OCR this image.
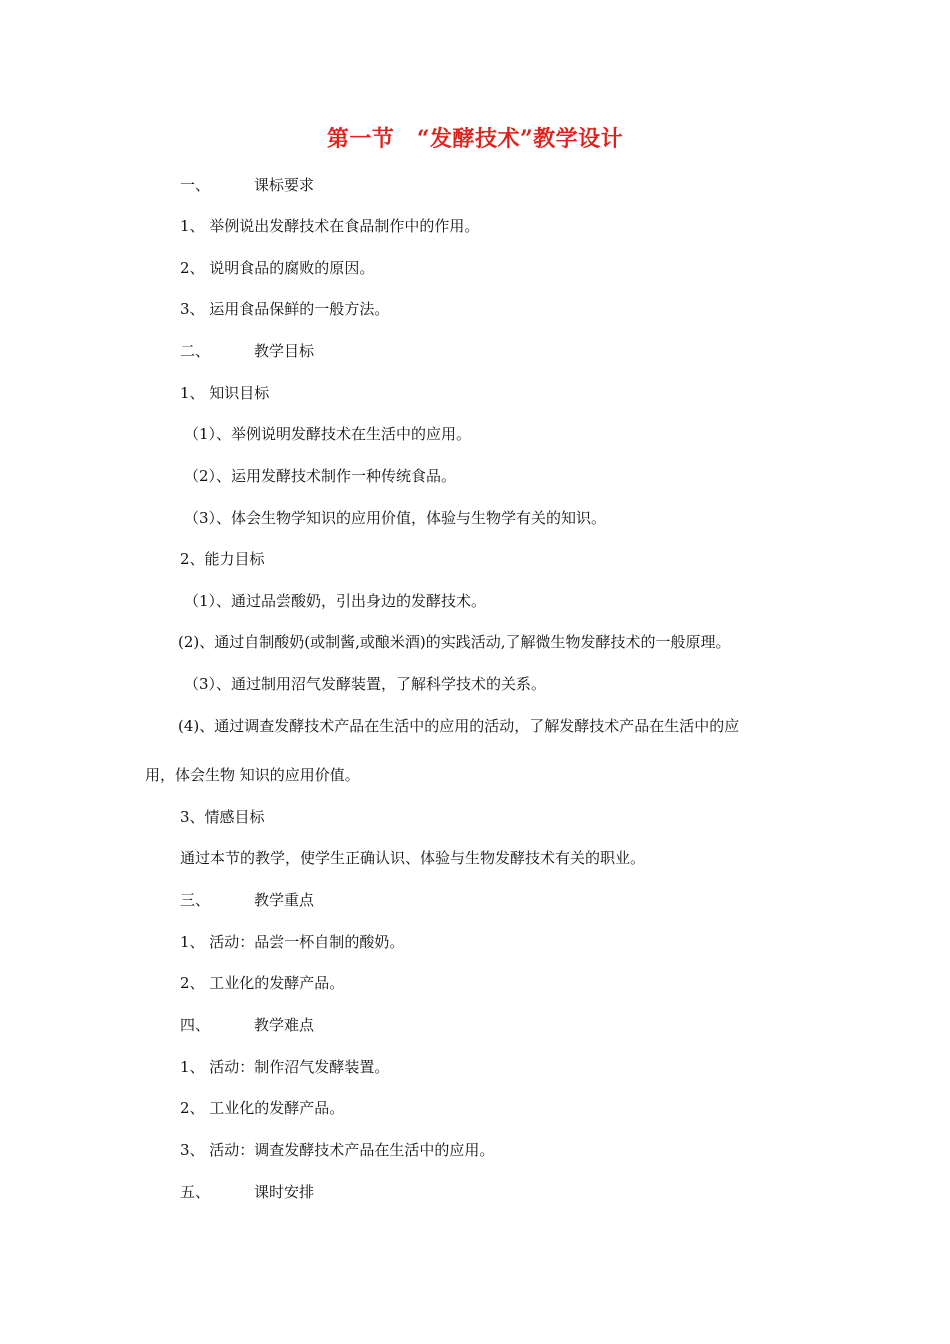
第一节　“发酵技术”教学设计
一、	课标要求
1、 举例说出发酵技术在食品制作中的作用。
2、 说明食品的腐败的原因。
3、 运用食品保鲜的一般方法。
二、	教学目标
1、 知识目标
（1）、举例说明发酵技术在生活中的应用。
（2）、运用发酵技术制作一种传统食品。
（3）、体会生物学知识的应用价值，体验与生物学有关的知识。
2、能力目标
（1）、通过品尝酸奶，引出身边的发酵技术。
(2)、通过自制酸奶(或制酱,或酿米酒)的实践活动,了解微生物发酵技术的一般原理。
（3）、通过制用沼气发酵装置，了解科学技术的关系。
(4)、通过调查发酵技术产品在生活中的应用的活动，了解发酵技术产品在生活中的应
用，体会生物 知识的应用价值。
3、情感目标
通过本节的教学，使学生正确认识、体验与生物发酵技术有关的职业。
三、	教学重点
1、 活动：品尝一杯自制的酸奶。
2、 工业化的发酵产品。
四、	教学难点
1、 活动：制作沼气发酵装置。
2、 工业化的发酵产品。
3、 活动：调查发酵技术产品在生活中的应用。
五、	课时安排
